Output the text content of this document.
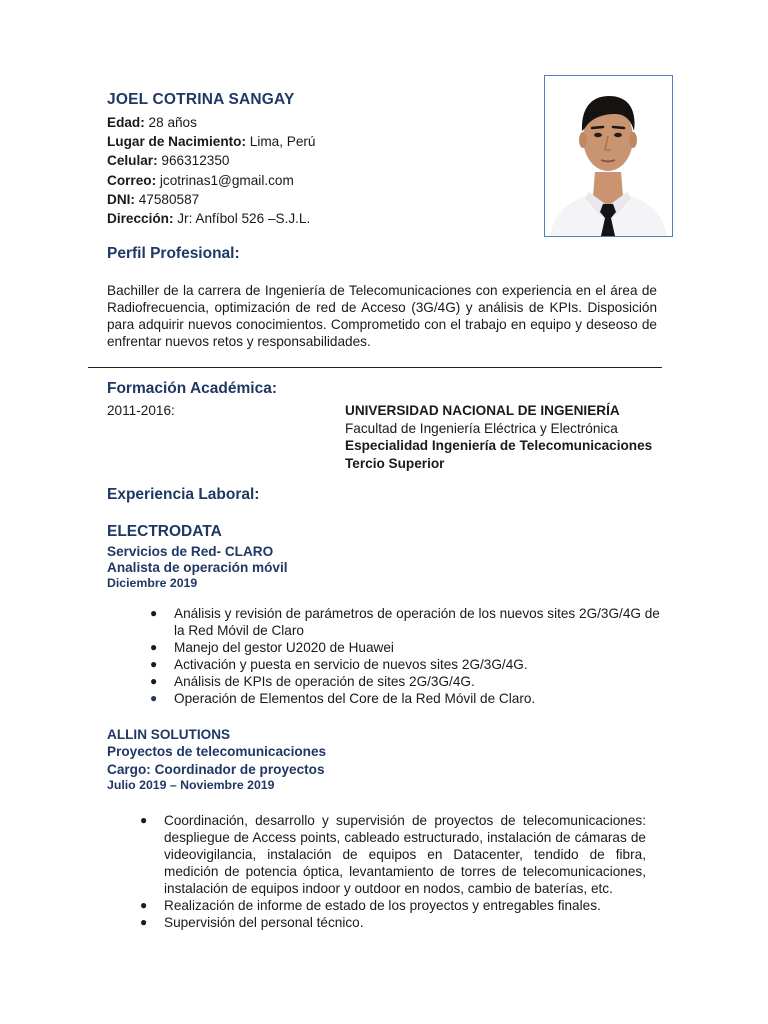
JOEL COTRINA SANGAY
Edad: 28 años
Lugar de Nacimiento: Lima, Perú
Celular: 966312350
Correo: jcotrinas1@gmail.com
DNI: 47580587
Dirección: Jr: Anfíbol 526 –S.J.L.
Perfil Profesional:
Bachiller de la carrera de Ingeniería de Telecomunicaciones con experiencia en el área de Radiofrecuencia, optimización de red de Acceso (3G/4G) y análisis de KPIs. Disposición para adquirir nuevos conocimientos. Comprometido con el trabajo en equipo y deseoso de enfrentar nuevos retos y responsabilidades.
Formación Académica:
2011-2016:	UNIVERSIDAD NACIONAL DE INGENIERÍA
Facultad de Ingeniería Eléctrica y Electrónica
Especialidad Ingeniería de Telecomunicaciones
Tercio Superior
Experiencia Laboral:
ELECTRODATA
Servicios de Red- CLARO
Analista de operación móvil
Diciembre 2019
● Análisis y revisión de parámetros de operación de los nuevos sites 2G/3G/4G de la Red Móvil de Claro
● Manejo del gestor U2020 de Huawei
● Activación y puesta en servicio de nuevos sites 2G/3G/4G.
● Análisis de KPIs de operación de sites 2G/3G/4G.
● Operación de Elementos del Core de la Red Móvil de Claro.
ALLIN SOLUTIONS
Proyectos de telecomunicaciones
Cargo: Coordinador de proyectos
Julio 2019 – Noviembre 2019
● Coordinación, desarrollo y supervisión de proyectos de telecomunicaciones: despliegue de Access points, cableado estructurado, instalación de cámaras de videovigilancia, instalación de equipos en Datacenter, tendido de fibra, medición de potencia óptica, levantamiento de torres de telecomunicaciones, instalación de equipos indoor y outdoor en nodos, cambio de baterías, etc.
● Realización de informe de estado de los proyectos y entregables finales.
● Supervisión del personal técnico.
